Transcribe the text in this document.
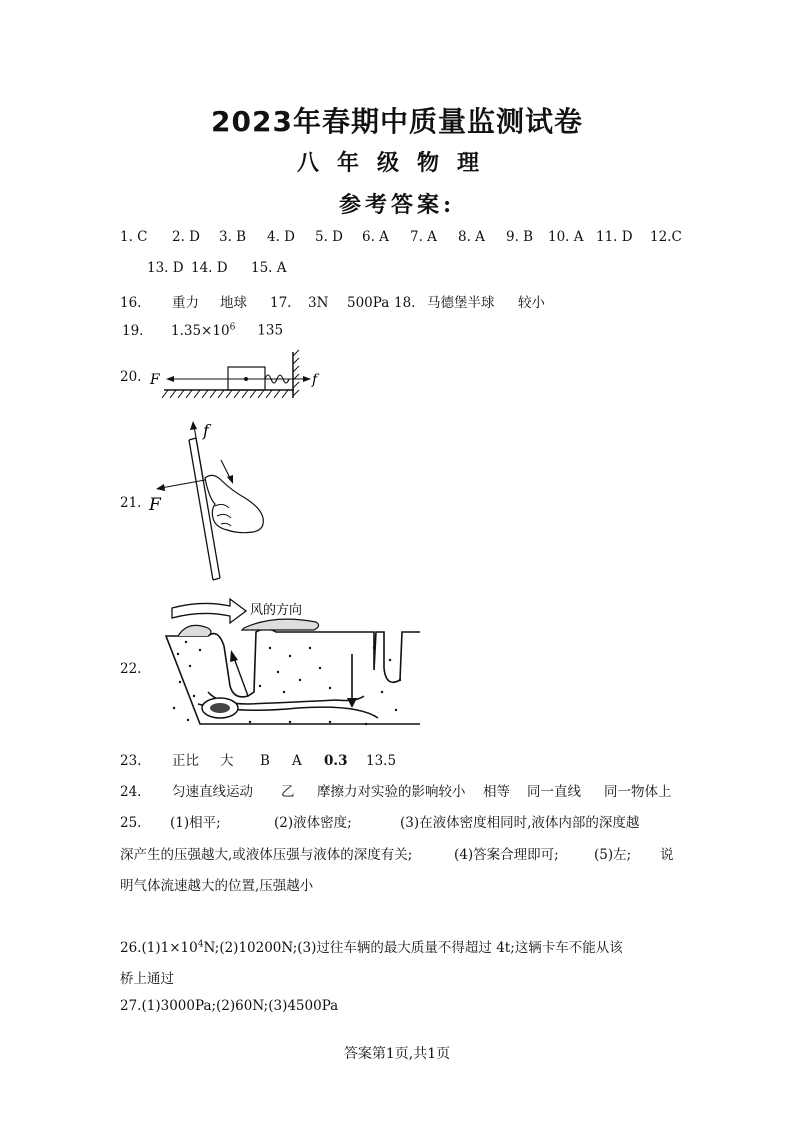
2023年春期中质量监测试卷
八年级物理
参考答案:
1. C 2. D 3. B 4. D 5. D 6. A 7. A 8. A 9. B 10. A 11. D 12.C
13. D 14. D 15. A
16. 重力 地球 17. 3N 500Pa 18. 马德堡半球 较小
19. $1.35\times 10^6$ 135
20. F	f
21.
f
F
22.
风的方向
23. 正比 大 B A 0.3 13.5
24. 匀速直线运动 乙 摩擦力对实验的影响较小 相等 同一直线 同一物体上
25. (1)相平;	(2)液体密度;	(3)在液体密度相同时,液体内部的深度越
深产生的压强越大,或液体压强与液体的深度有关;	(4)答案合理即可;	(5)左; 说
明气体流速越大的位置,压强越小
$26.(1)1\times 10^4N;(2)10200N;(3)$过往车辆的最大质量不得超过 4t;这辆卡车不能从该
桥上通过
27.(1)3000Pa;(2)60N;(3)4500Pa
答案第1页,共1页
